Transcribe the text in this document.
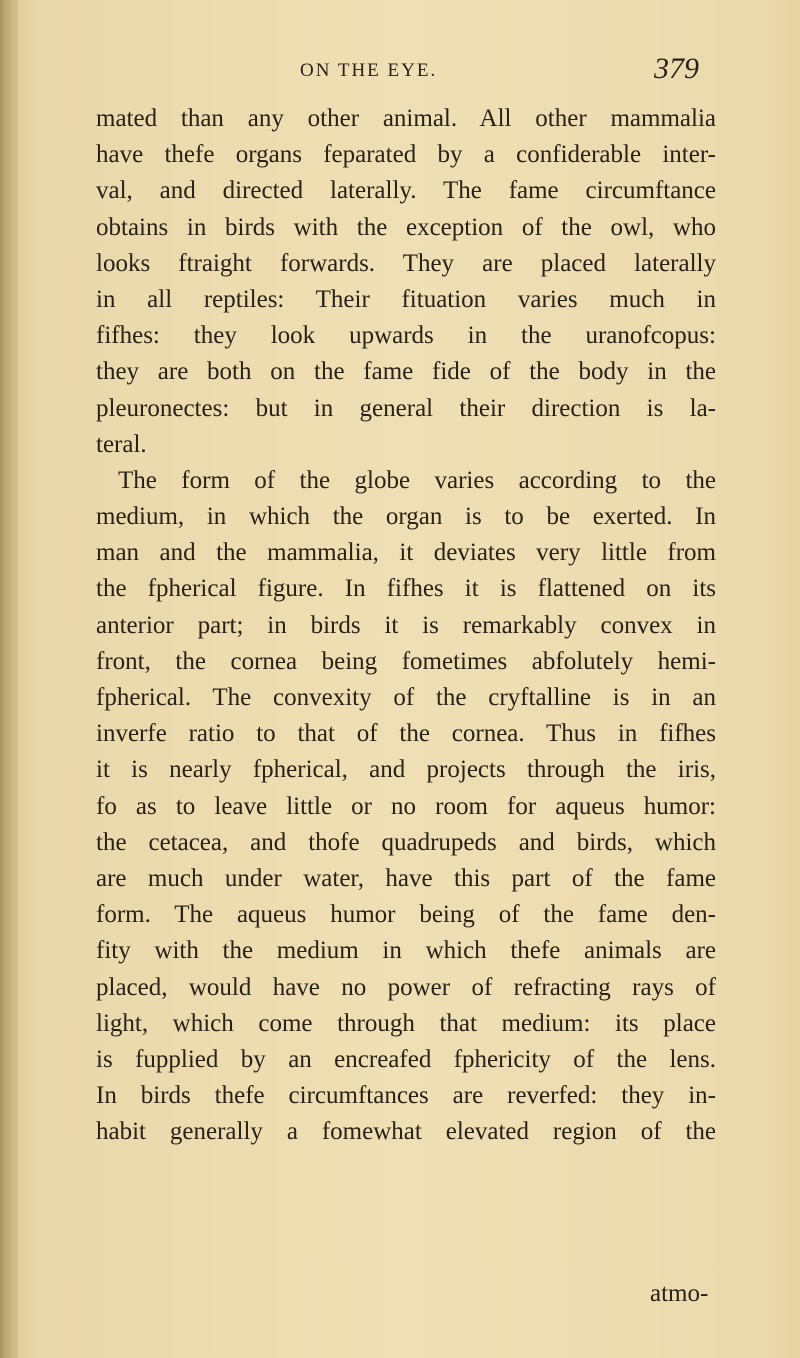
ON THE EYE.	379
mated than any other animal. All other mammalia
have thefe organs feparated by a confiderable inter-
val, and directed laterally. The fame circumftance
obtains in birds with the exception of the owl, who
looks ftraight forwards. They are placed laterally
in all reptiles: Their fituation varies much in
fifhes: they look upwards in the uranofcopus:
they are both on the fame fide of the body in the
pleuronectes: but in general their direction is la-
teral.
The form of the globe varies according to the
medium, in which the organ is to be exerted. In
man and the mammalia, it deviates very little from
the fpherical figure. In fifhes it is flattened on its
anterior part; in birds it is remarkably convex in
front, the cornea being fometimes abfolutely hemi-
fpherical. The convexity of the cryftalline is in an
inverfe ratio to that of the cornea. Thus in fifhes
it is nearly fpherical, and projects through the iris,
fo as to leave little or no room for aqueus humor:
the cetacea, and thofe quadrupeds and birds, which
are much under water, have this part of the fame
form. The aqueus humor being of the fame den-
fity with the medium in which thefe animals are
placed, would have no power of refracting rays of
light, which come through that medium: its place
is fupplied by an encreafed fphericity of the lens.
In birds thefe circumftances are reverfed: they in-
habit generally a fomewhat elevated region of the
atmo-
